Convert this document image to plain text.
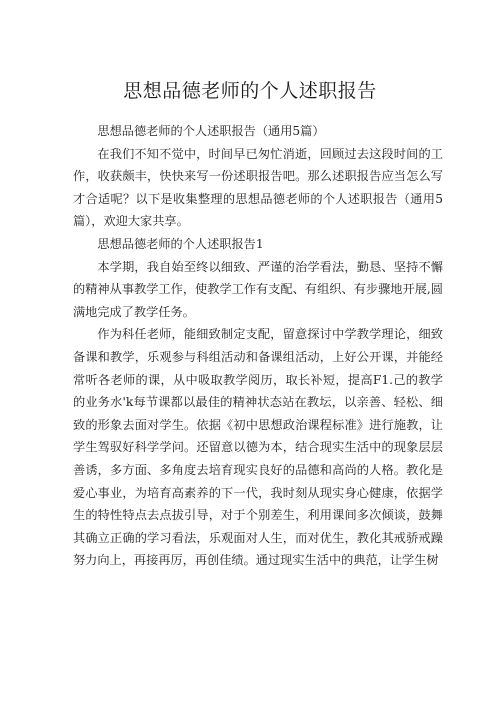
思想品德老师的个人述职报告

思想品德老师的个人述职报告（通用5篇）

在我们不知不觉中，时间早已匆忙消逝，回顾过去这段时间的工作，收获颇丰，快快来写一份述职报告吧。那么述职报告应当怎么写才合适呢？以下是收集整理的思想品德老师的个人述职报告（通用5篇），欢迎大家共享。

思想品德老师的个人述职报告1

本学期，我自始至终以细致、严谨的治学看法，勤恳、坚持不懈的精神从事教学工作，使教学工作有支配、有组织、有步骤地开展,圆满地完成了教学任务。

作为科任老师，能细致制定支配，留意探讨中学教学理论，细致备课和教学，乐观参与科组活动和备课组活动，上好公开课，并能经常听各老师的课，从中吸取教学阅历，取长补短，提高F1.己的教学的业务水'k每节课都以最佳的精神状态站在教坛，以亲善、轻松、细致的形象去面对学生。依据《初中思想政治课程标准》进行施教，让学生驾驭好科学学问。还留意以德为本，结合现实生活中的现象层层善诱，多方面、多角度去培育现实良好的品德和高尚的人格。教化是爱心事业，为培育高素养的下一代，我时刻从现实身心健康，依据学生的特性特点去点拔引导，对于个别差生，利用课间多次倾谈，鼓舞其确立正确的学习看法，乐观面对人生，而对优生，教化其戒骄戒躁努力向上，再接再厉，再创佳绩。通过现实生活中的典范，让学生树
